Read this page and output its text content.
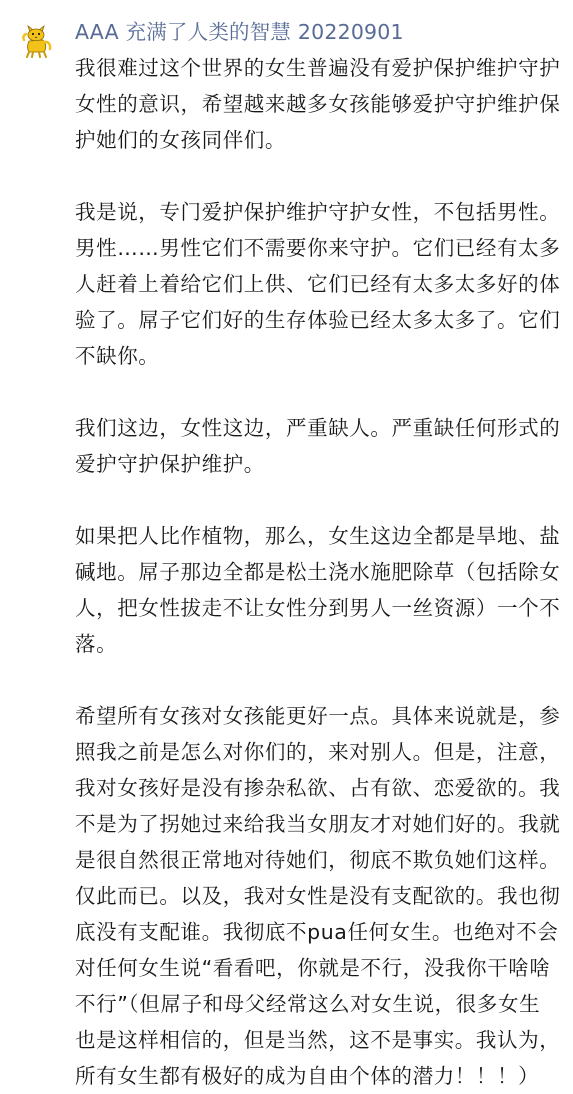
AAA 充满了人类的智慧 20220901

我很难过这个世界的女生普遍没有爱护保护维护守护女性的意识，希望越来越多女孩能够爱护守护维护保护她们的女孩同伴们。

我是说，专门爱护保护维护守护女性，不包括男性。男性……男性它们不需要你来守护。它们已经有太多人赶着上着给它们上供、它们已经有太多太多好的体验了。屌子它们好的生存体验已经太多太多了。它们不缺你。

我们这边，女性这边，严重缺人。严重缺任何形式的爱护守护保护维护。

如果把人比作植物，那么，女生这边全都是旱地、盐碱地。屌子那边全都是松土浇水施肥除草（包括除女人，把女性拔走不让女性分到男人一丝资源）一个不落。

希望所有女孩对女孩能更好一点。具体来说就是，参照我之前是怎么对你们的，来对别人。但是，注意，我对女孩好是没有掺杂私欲、占有欲、恋爱欲的。我不是为了拐她过来给我当女朋友才对她们好的。我就是很自然很正常地对待她们，彻底不欺负她们这样。仅此而已。以及，我对女性是没有支配欲的。我也彻底没有支配谁。我彻底不pua任何女生。也绝对不会对任何女生说“看看吧，你就是不行，没我你干啥啥不行”（但屌子和母父经常这么对女生说，很多女生也是这样相信的，但是当然，这不是事实。我认为，所有女生都有极好的成为自由个体的潜力！！！）
